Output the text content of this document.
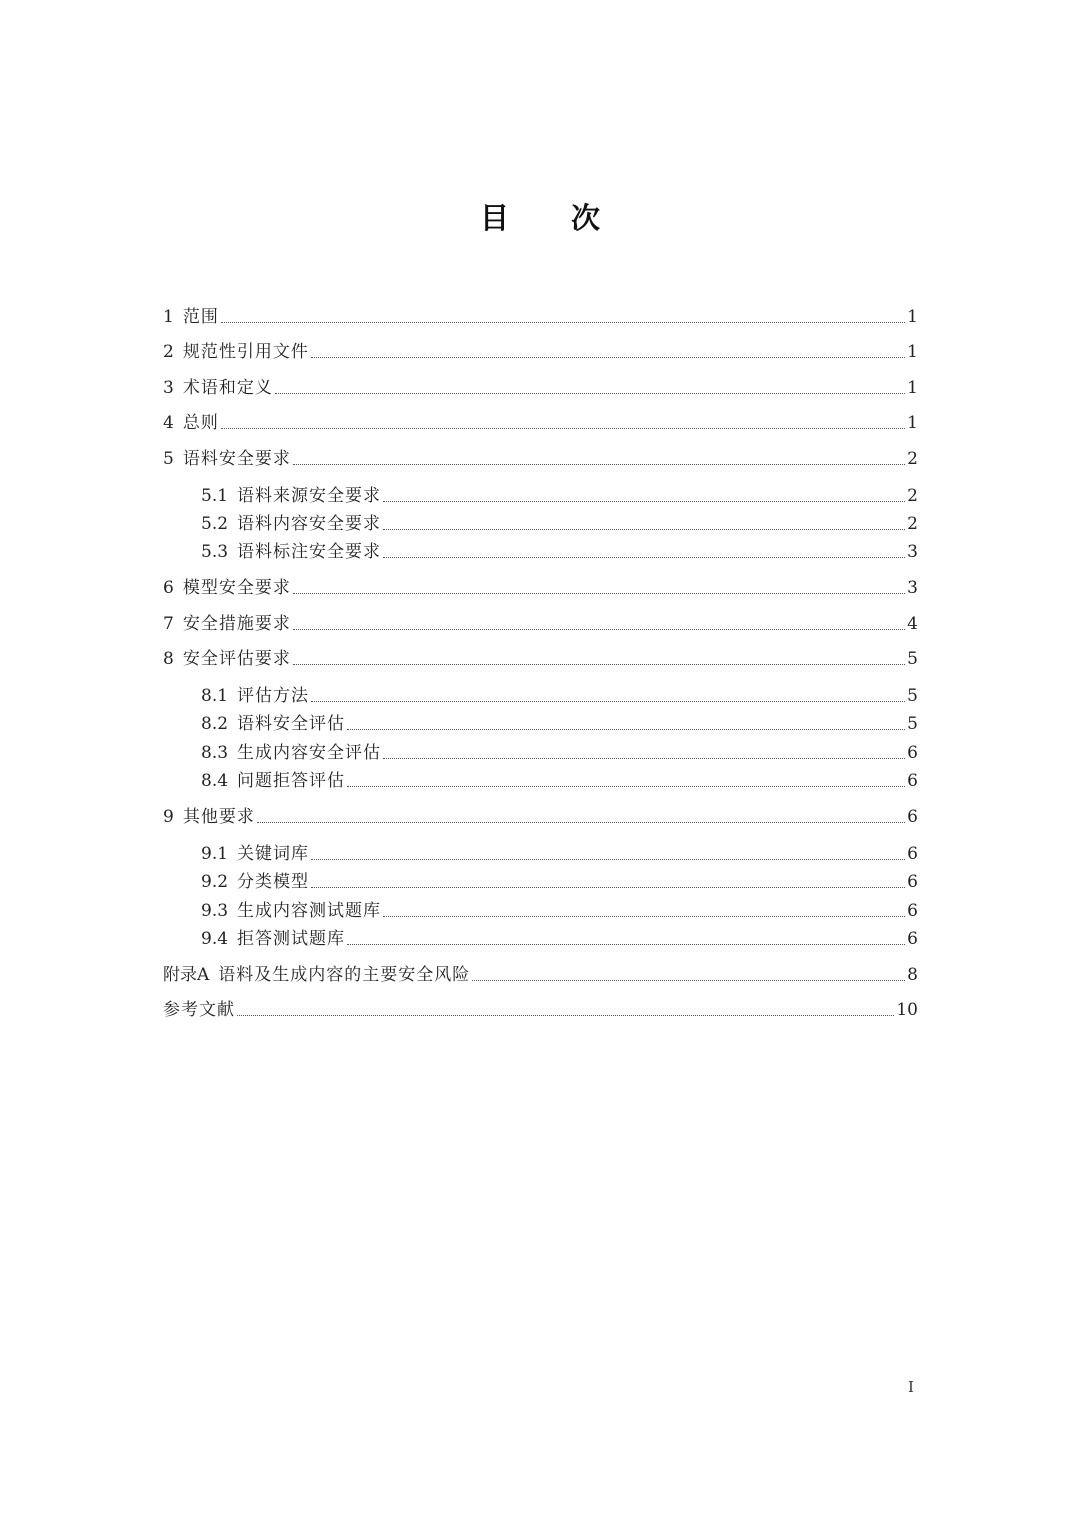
目 次
1 范围	1
2 规范性引用文件	1
3 术语和定义	1
4 总则	1
5 语料安全要求	2
5.1 语料来源安全要求	2
5.2 语料内容安全要求	2
5.3 语料标注安全要求	3
6 模型安全要求	3
7 安全措施要求	4
8 安全评估要求	5
8.1 评估方法	5
8.2 语料安全评估	5
8.3 生成内容安全评估	6
8.4 问题拒答评估	6
9 其他要求	6
9.1 关键词库	6
9.2 分类模型	6
9.3 生成内容测试题库	6
9.4 拒答测试题库	6
附录A 语料及生成内容的主要安全风险	8
参考文献	10
I
